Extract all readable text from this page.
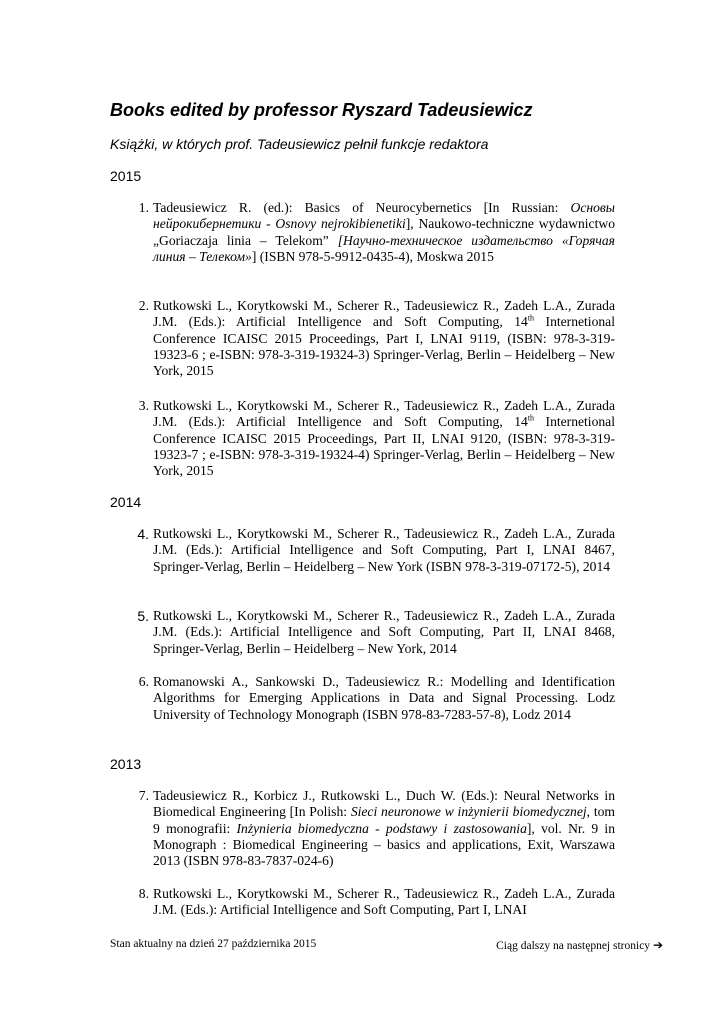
Books edited by professor Ryszard Tadeusiewicz
Książki, w których prof. Tadeusiewicz pełnił funkcje redaktora
2015
1. Tadeusiewicz R. (ed.): Basics of Neurocybernetics [In Russian: Основы нейрокибернетики - Osnovy nejrokibienetiki], Naukowo-techniczne wydawnictwo „Goriaczaja linia – Telekom” [Научно-техническое издательство «Горячая линия – Телеком»] (ISBN 978-5-9912-0435-4), Moskwa 2015
2. Rutkowski L., Korytkowski M., Scherer R., Tadeusiewicz R., Zadeh L.A., Zurada J.M. (Eds.): Artificial Intelligence and Soft Computing, 14th Internetional Conference ICAISC 2015 Proceedings, Part I, LNAI 9119, (ISBN: 978-3-319-19323-6 ; e-ISBN: 978-3-319-19324-3) Springer-Verlag, Berlin – Heidelberg – New York, 2015
3. Rutkowski L., Korytkowski M., Scherer R., Tadeusiewicz R., Zadeh L.A., Zurada J.M. (Eds.): Artificial Intelligence and Soft Computing, 14th Internetional Conference ICAISC 2015 Proceedings, Part II, LNAI 9120, (ISBN: 978-3-319-19323-7 ; e-ISBN: 978-3-319-19324-4) Springer-Verlag, Berlin – Heidelberg – New York, 2015
2014
4. Rutkowski L., Korytkowski M., Scherer R., Tadeusiewicz R., Zadeh L.A., Zurada J.M. (Eds.): Artificial Intelligence and Soft Computing, Part I, LNAI 8467, Springer-Verlag, Berlin – Heidelberg – New York (ISBN 978-3-319-07172-5), 2014
5. Rutkowski L., Korytkowski M., Scherer R., Tadeusiewicz R., Zadeh L.A., Zurada J.M. (Eds.): Artificial Intelligence and Soft Computing, Part II, LNAI 8468, Springer-Verlag, Berlin – Heidelberg – New York, 2014
6. Romanowski A., Sankowski D., Tadeusiewicz R.: Modelling and Identification Algorithms for Emerging Applications in Data and Signal Processing. Lodz University of Technology Monograph (ISBN 978-83-7283-57-8), Lodz 2014
2013
7. Tadeusiewicz R., Korbicz J., Rutkowski L., Duch W. (Eds.): Neural Networks in Biomedical Engineering [In Polish: Sieci neuronowe w inżynierii biomedycznej, tom 9 monografii: Inżynieria biomedyczna - podstawy i zastosowania], vol. Nr. 9 in Monograph : Biomedical Engineering – basics and applications, Exit, Warszawa 2013 (ISBN 978-83-7837-024-6)
8. Rutkowski L., Korytkowski M., Scherer R., Tadeusiewicz R., Zadeh L.A., Zurada J.M. (Eds.): Artificial Intelligence and Soft Computing, Part I, LNAI
Stan aktualny na dzień 27 października 2015	Ciąg dalszy na następnej stronicy ➔
